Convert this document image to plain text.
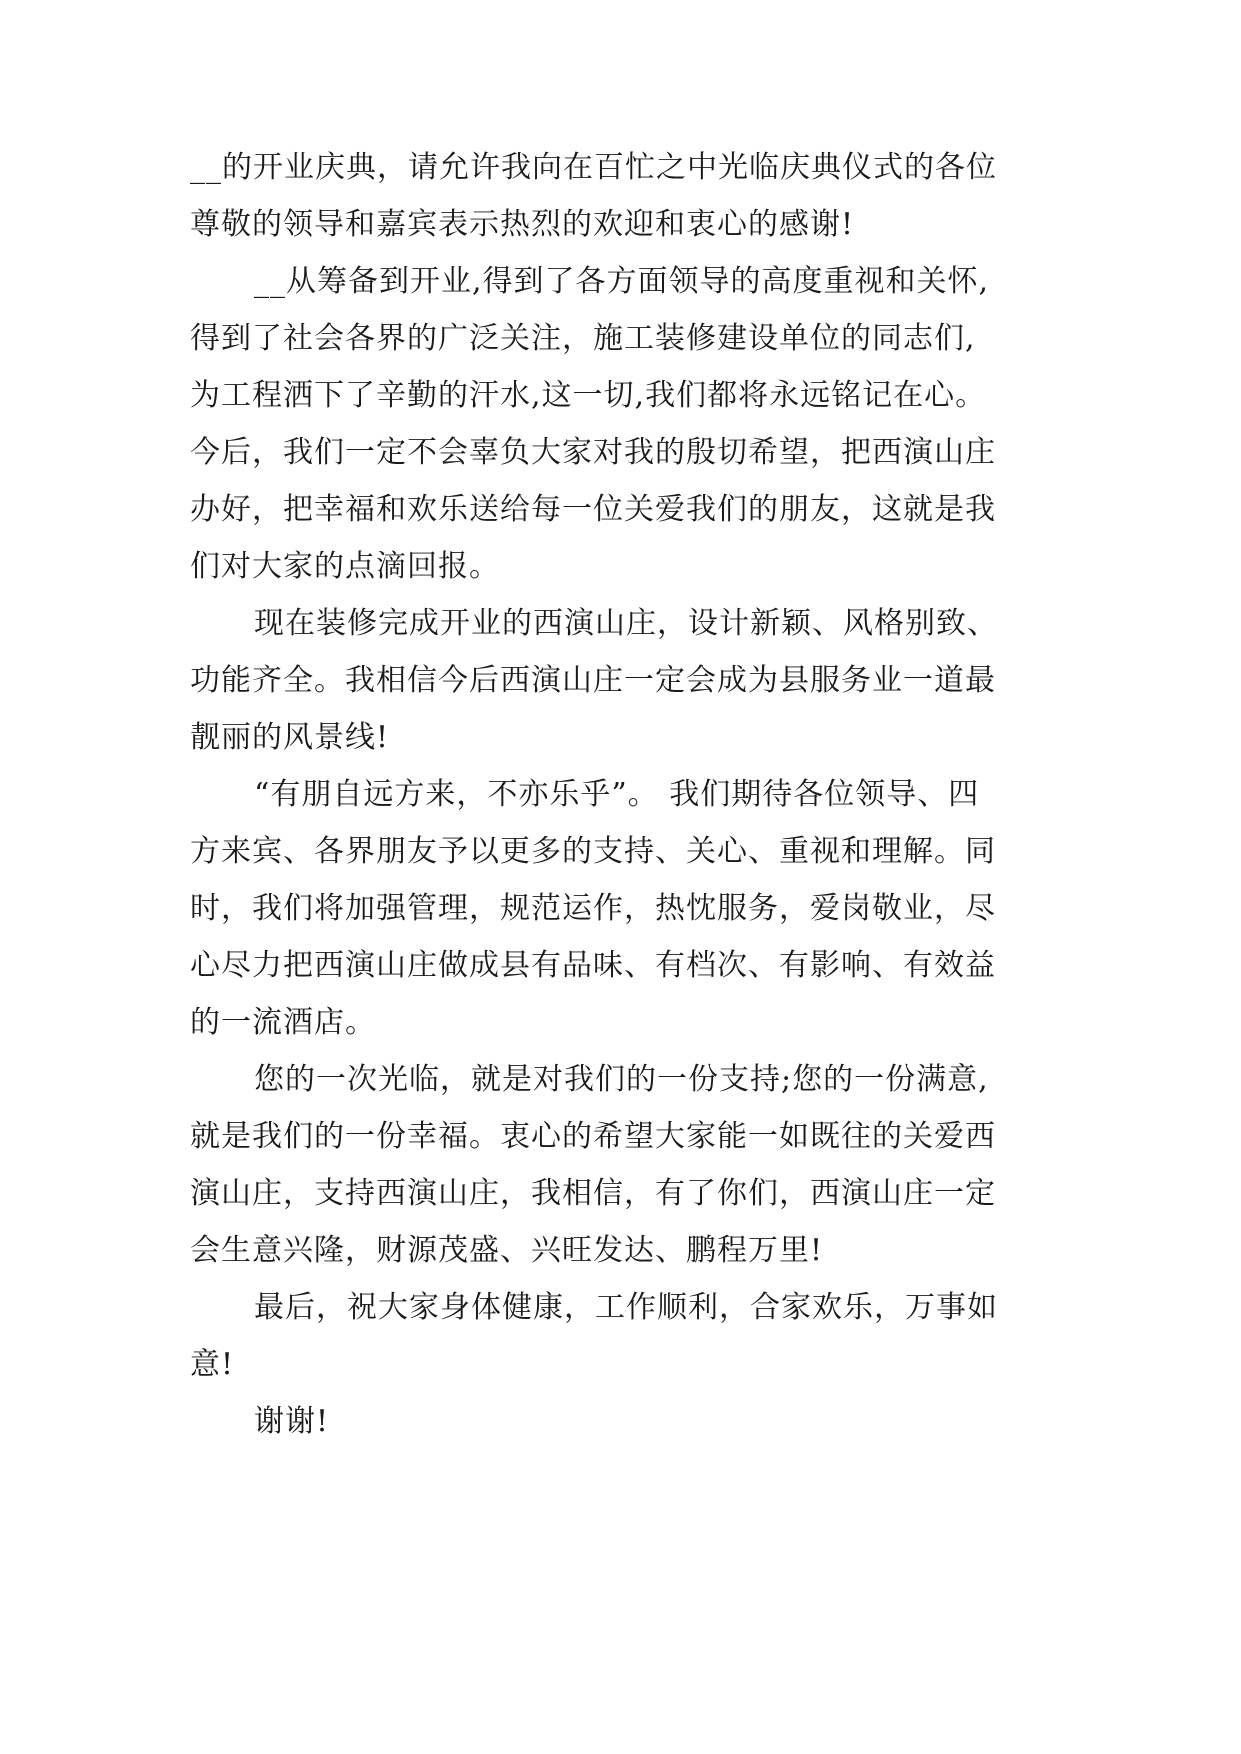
__的开业庆典，请允许我向在百忙之中光临庆典仪式的各位
尊敬的领导和嘉宾表示热烈的欢迎和衷心的感谢!
__从筹备到开业,得到了各方面领导的高度重视和关怀,
得到了社会各界的广泛关注，施工装修建设单位的同志们,
为工程洒下了辛勤的汗水,这一切,我们都将永远铭记在心。
今后，我们一定不会辜负大家对我的殷切希望，把西演山庄
办好，把幸福和欢乐送给每一位关爱我们的朋友，这就是我
们对大家的点滴回报。
现在装修完成开业的西演山庄，设计新颖、风格别致、
功能齐全。我相信今后西演山庄一定会成为县服务业一道最
靓丽的风景线!
“有朋自远方来，不亦乐乎”。 我们期待各位领导、四
方来宾、各界朋友予以更多的支持、关心、重视和理解。同
时，我们将加强管理，规范运作，热忱服务，爱岗敬业，尽
心尽力把西演山庄做成县有品味、有档次、有影响、有效益
的一流酒店。
您的一次光临，就是对我们的一份支持;您的一份满意,
就是我们的一份幸福。衷心的希望大家能一如既往的关爱西
演山庄，支持西演山庄，我相信，有了你们，西演山庄一定
会生意兴隆，财源茂盛、兴旺发达、鹏程万里!
最后，祝大家身体健康，工作顺利，合家欢乐，万事如
意!
谢谢!
